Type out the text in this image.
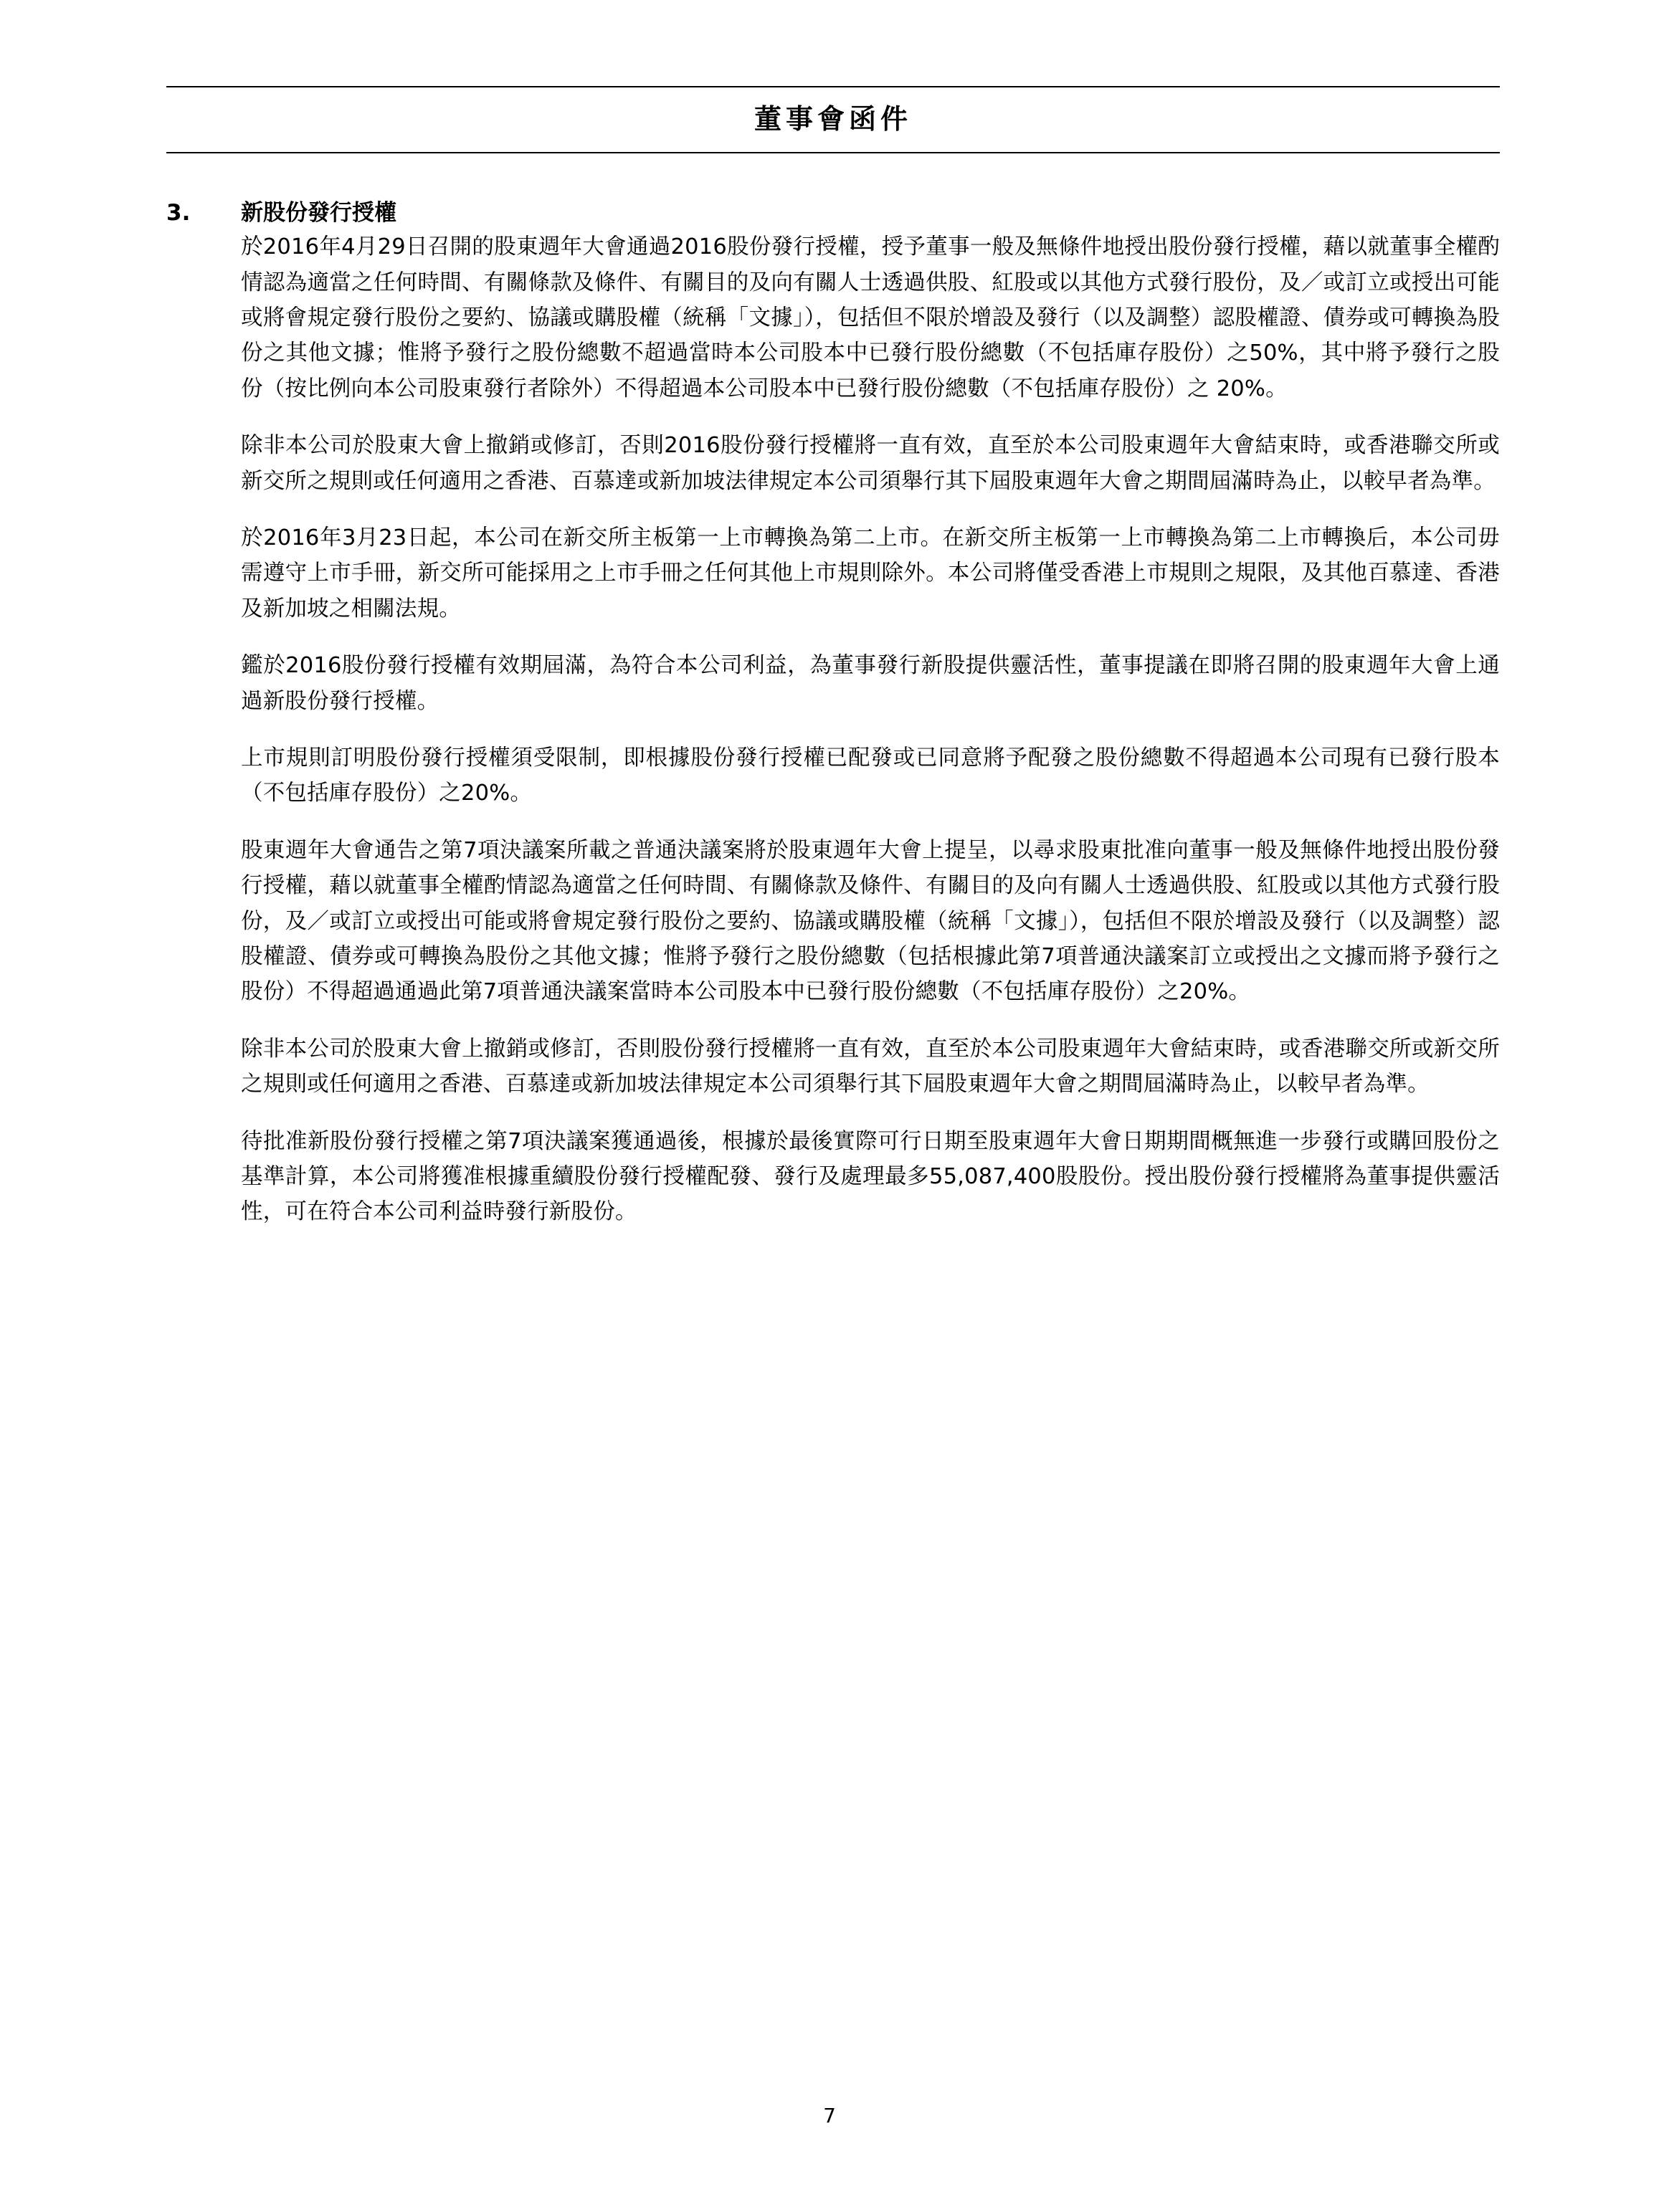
董事會函件
3.	新股份發行授權

於2016年4月29日召開的股東週年大會通過2016股份發行授權，授予董事一般及無條件地授出股份發行授權，藉以就董事全權酌情認為適當之任何時間、有關條款及條件、有關目的及向有關人士透過供股、紅股或以其他方式發行股份，及／或訂立或授出可能或將會規定發行股份之要約、協議或購股權（統稱「文據」），包括但不限於增設及發行（以及調整）認股權證、債券或可轉換為股份之其他文據；惟將予發行之股份總數不超過當時本公司股本中已發行股份總數（不包括庫存股份）之50%，其中將予發行之股份（按比例向本公司股東發行者除外）不得超過本公司股本中已發行股份總數（不包括庫存股份）之 20%。

除非本公司於股東大會上撤銷或修訂，否則2016股份發行授權將一直有效，直至於本公司股東週年大會結束時，或香港聯交所或新交所之規則或任何適用之香港、百慕達或新加坡法律規定本公司須舉行其下屆股東週年大會之期間屆滿時為止，以較早者為準。

於2016年3月23日起，本公司在新交所主板第一上市轉換為第二上市。在新交所主板第一上市轉換為第二上市轉換后，本公司毋需遵守上市手冊，新交所可能採用之上市手冊之任何其他上市規則除外。本公司將僅受香港上市規則之規限，及其他百慕達、香港及新加坡之相關法規。

鑑於2016股份發行授權有效期屆滿，為符合本公司利益，為董事發行新股提供靈活性，董事提議在即將召開的股東週年大會上通過新股份發行授權。

上市規則訂明股份發行授權須受限制，即根據股份發行授權已配發或已同意將予配發之股份總數不得超過本公司現有已發行股本（不包括庫存股份）之20%。

股東週年大會通告之第7項決議案所載之普通決議案將於股東週年大會上提呈，以尋求股東批准向董事一般及無條件地授出股份發行授權，藉以就董事全權酌情認為適當之任何時間、有關條款及條件、有關目的及向有關人士透過供股、紅股或以其他方式發行股份，及／或訂立或授出可能或將會規定發行股份之要約、協議或購股權（統稱「文據」），包括但不限於增設及發行（以及調整）認股權證、債券或可轉換為股份之其他文據；惟將予發行之股份總數（包括根據此第7項普通決議案訂立或授出之文據而將予發行之股份）不得超過通過此第7項普通決議案當時本公司股本中已發行股份總數（不包括庫存股份）之20%。

除非本公司於股東大會上撤銷或修訂，否則股份發行授權將一直有效，直至於本公司股東週年大會結束時，或香港聯交所或新交所之規則或任何適用之香港、百慕達或新加坡法律規定本公司須舉行其下屆股東週年大會之期間屆滿時為止，以較早者為準。

待批准新股份發行授權之第7項決議案獲通過後，根據於最後實際可行日期至股東週年大會日期期間概無進一步發行或購回股份之基準計算，本公司將獲准根據重續股份發行授權配發、發行及處理最多55,087,400股股份。授出股份發行授權將為董事提供靈活性，可在符合本公司利益時發行新股份。

7
